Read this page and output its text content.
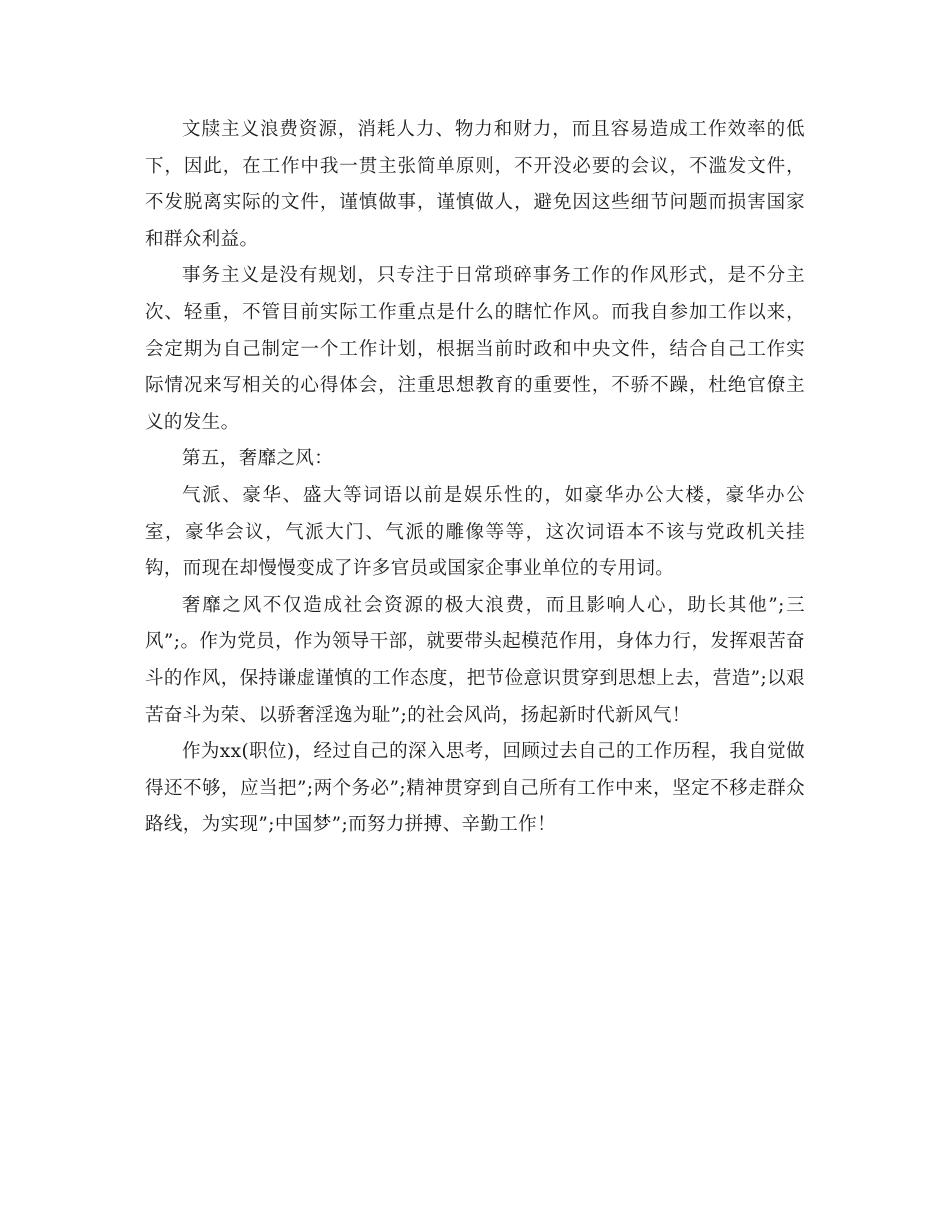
文牍主义浪费资源，消耗人力、物力和财力，而且容易造成工作效率的低下，因此，在工作中我一贯主张简单原则，不开没必要的会议，不滥发文件，不发脱离实际的文件，谨慎做事，谨慎做人，避免因这些细节问题而损害国家和群众利益。

事务主义是没有规划，只专注于日常琐碎事务工作的作风形式，是不分主次、轻重，不管目前实际工作重点是什么的瞎忙作风。而我自参加工作以来，会定期为自己制定一个工作计划，根据当前时政和中央文件，结合自己工作实际情况来写相关的心得体会，注重思想教育的重要性，不骄不躁，杜绝官僚主义的发生。

第五，奢靡之风：

气派、豪华、盛大等词语以前是娱乐性的，如豪华办公大楼，豪华办公室，豪华会议，气派大门、气派的雕像等等，这次词语本不该与党政机关挂钩，而现在却慢慢变成了许多官员或国家企事业单位的专用词。

奢靡之风不仅造成社会资源的极大浪费，而且影响人心，助长其他”;三风”;。作为党员，作为领导干部，就要带头起模范作用，身体力行，发挥艰苦奋斗的作风，保持谦虚谨慎的工作态度，把节俭意识贯穿到思想上去，营造”;以艰苦奋斗为荣、以骄奢淫逸为耻”;的社会风尚，扬起新时代新风气！

作为xx(职位)，经过自己的深入思考，回顾过去自己的工作历程，我自觉做得还不够，应当把”;两个务必”;精神贯穿到自己所有工作中来，坚定不移走群众路线，为实现”;中国梦”;而努力拼搏、辛勤工作！
